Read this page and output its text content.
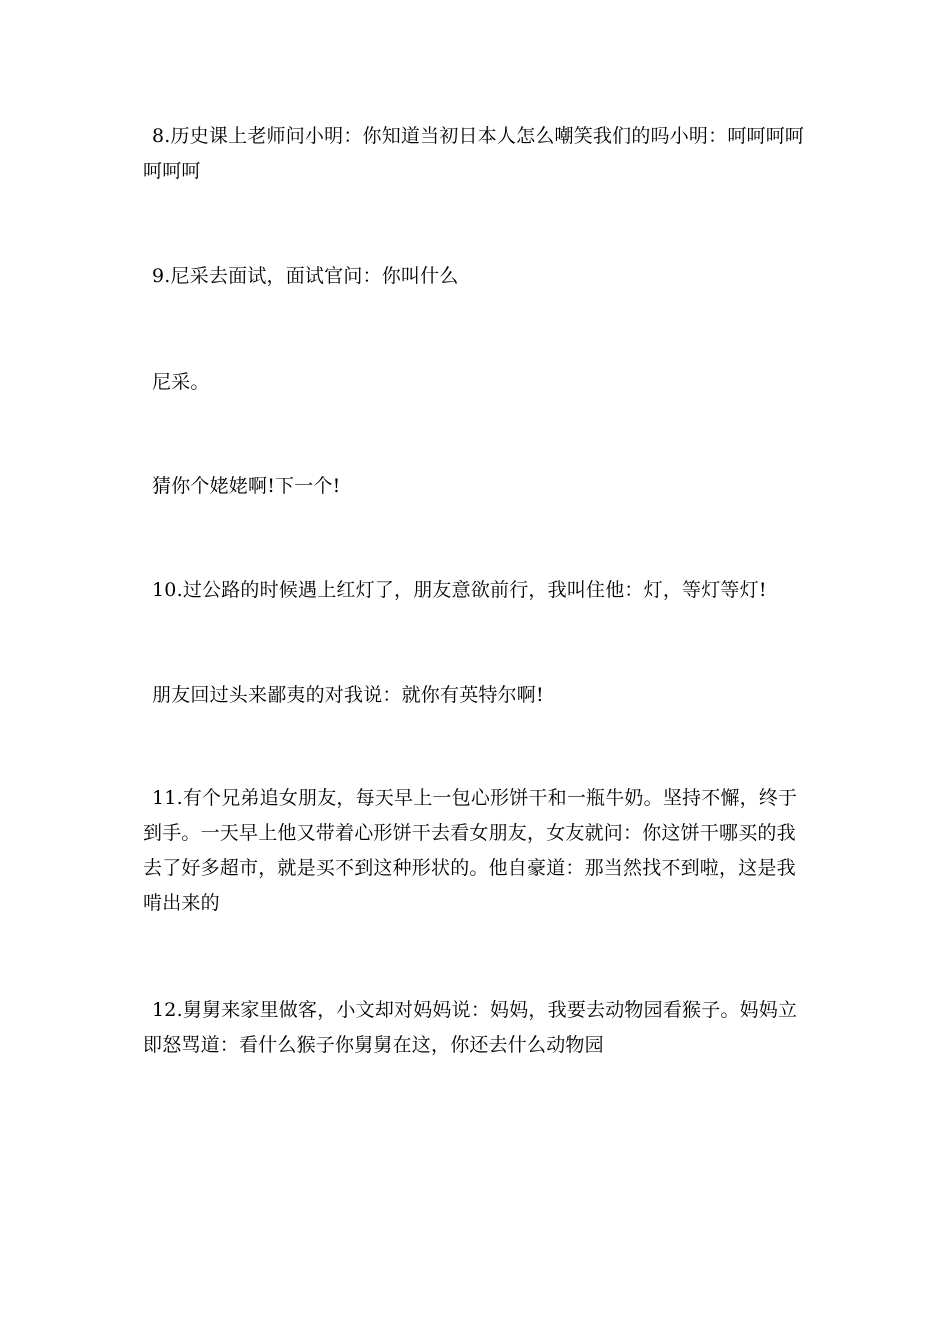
8.历史课上老师问小明：你知道当初日本人怎么嘲笑我们的吗小明：呵呵呵呵呵呵呵

9.尼采去面试，面试官问：你叫什么

尼采。

猜你个姥姥啊!下一个!

10.过公路的时候遇上红灯了，朋友意欲前行，我叫住他：灯，等灯等灯!

朋友回过头来鄙夷的对我说：就你有英特尔啊!

11.有个兄弟追女朋友，每天早上一包心形饼干和一瓶牛奶。坚持不懈，终于到手。一天早上他又带着心形饼干去看女朋友，女友就问：你这饼干哪买的我去了好多超市，就是买不到这种形状的。他自豪道：那当然找不到啦，这是我啃出来的

12.舅舅来家里做客，小文却对妈妈说：妈妈，我要去动物园看猴子。妈妈立即怒骂道：看什么猴子你舅舅在这，你还去什么动物园
